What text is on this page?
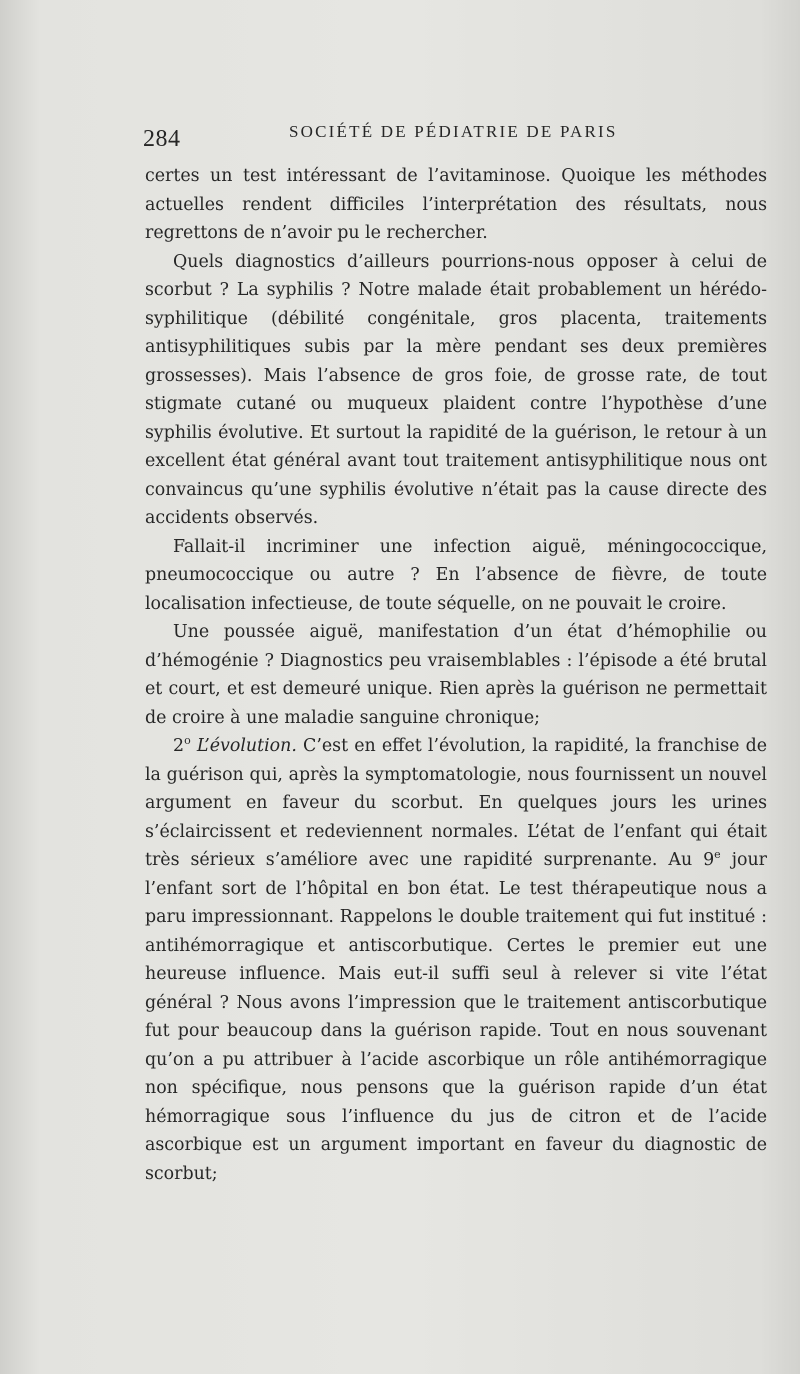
284	SOCIÉTÉ DE PÉDIATRIE DE PARIS

certes un test intéressant de l’avitaminose. Quoique les méthodes actuelles rendent difficiles l’interprétation des résultats, nous regrettons de n’avoir pu le rechercher.

Quels diagnostics d’ailleurs pourrions-nous opposer à celui de scorbut ? La syphilis ? Notre malade était probablement un hérédo-syphilitique (débilité congénitale, gros placenta, traitements antisyphilitiques subis par la mère pendant ses deux premières grossesses). Mais l’absence de gros foie, de grosse rate, de tout stigmate cutané ou muqueux plaident contre l’hypothèse d’une syphilis évolutive. Et surtout la rapidité de la guérison, le retour à un excellent état général avant tout traitement antisyphilitique nous ont convaincus qu’une syphilis évolutive n’était pas la cause directe des accidents observés.

Fallait-il incriminer une infection aiguë, méningococcique, pneumococcique ou autre ? En l’absence de fièvre, de toute localisation infectieuse, de toute séquelle, on ne pouvait le croire.

Une poussée aiguë, manifestation d’un état d’hémophilie ou d’hémogénie ? Diagnostics peu vraisemblables : l’épisode a été brutal et court, et est demeuré unique. Rien après la guérison ne permettait de croire à une maladie sanguine chronique;

2$^o$ L’évolution. C’est en effet l’évolution, la rapidité, la franchise de la guérison qui, après la symptomatologie, nous fournissent un nouvel argument en faveur du scorbut. En quelques jours les urines s’éclaircissent et redeviennent normales. L’état de l’enfant qui était très sérieux s’améliore avec une rapidité surprenante. Au 9e jour l’enfant sort de l’hôpital en bon état. Le test thérapeutique nous a paru impressionnant. Rappelons le double traitement qui fut institué : antihémorragique et antiscorbutique. Certes le premier eut une heureuse influence. Mais eut-il suffi seul à relever si vite l’état général ? Nous avons l’impression que le traitement antiscorbutique fut pour beaucoup dans la guérison rapide. Tout en nous souvenant qu’on a pu attribuer à l’acide ascorbique un rôle antihémorragique non spécifique, nous pensons que la guérison rapide d’un état hémorragique sous l’influence du jus de citron et de l’acide ascorbique est un argument important en faveur du diagnostic de scorbut;
